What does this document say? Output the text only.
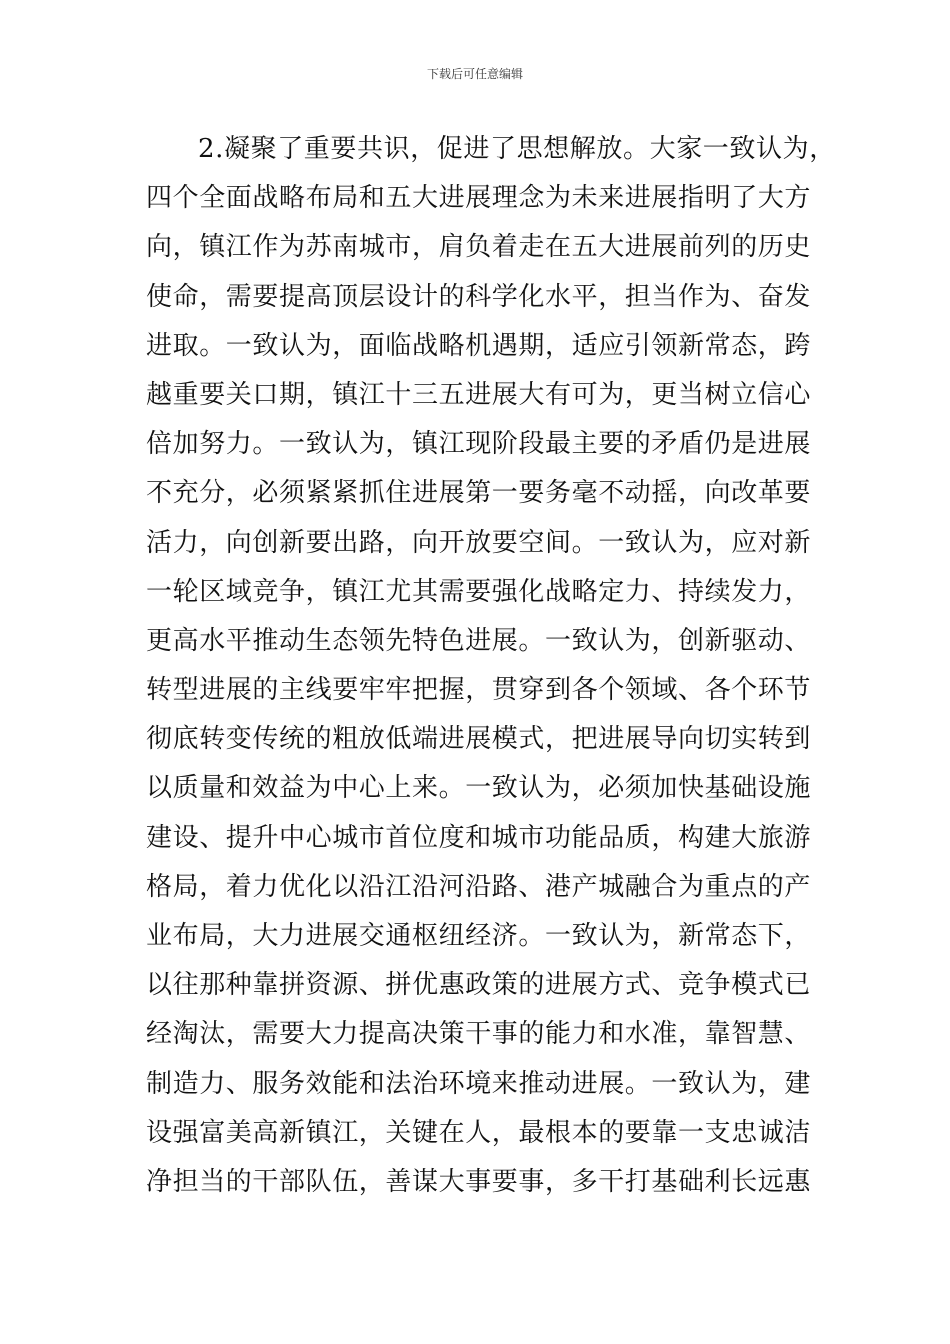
下载后可任意编辑
2.凝聚了重要共识，促进了思想解放。大家一致认为，
四个全面战略布局和五大进展理念为未来进展指明了大方
向，镇江作为苏南城市，肩负着走在五大进展前列的历史
使命，需要提高顶层设计的科学化水平，担当作为、奋发
进取。一致认为，面临战略机遇期，适应引领新常态，跨
越重要关口期，镇江十三五进展大有可为，更当树立信心
倍加努力。一致认为，镇江现阶段最主要的矛盾仍是进展
不充分，必须紧紧抓住进展第一要务毫不动摇，向改革要
活力，向创新要出路，向开放要空间。一致认为，应对新
一轮区域竞争，镇江尤其需要强化战略定力、持续发力，
更高水平推动生态领先特色进展。一致认为，创新驱动、
转型进展的主线要牢牢把握，贯穿到各个领域、各个环节
彻底转变传统的粗放低端进展模式，把进展导向切实转到
以质量和效益为中心上来。一致认为，必须加快基础设施
建设、提升中心城市首位度和城市功能品质，构建大旅游
格局，着力优化以沿江沿河沿路、港产城融合为重点的产
业布局，大力进展交通枢纽经济。一致认为，新常态下，
以往那种靠拼资源、拼优惠政策的进展方式、竞争模式已
经淘汰，需要大力提高决策干事的能力和水准，靠智慧、
制造力、服务效能和法治环境来推动进展。一致认为，建
设强富美高新镇江，关键在人，最根本的要靠一支忠诚洁
净担当的干部队伍，善谋大事要事，多干打基础利长远惠
